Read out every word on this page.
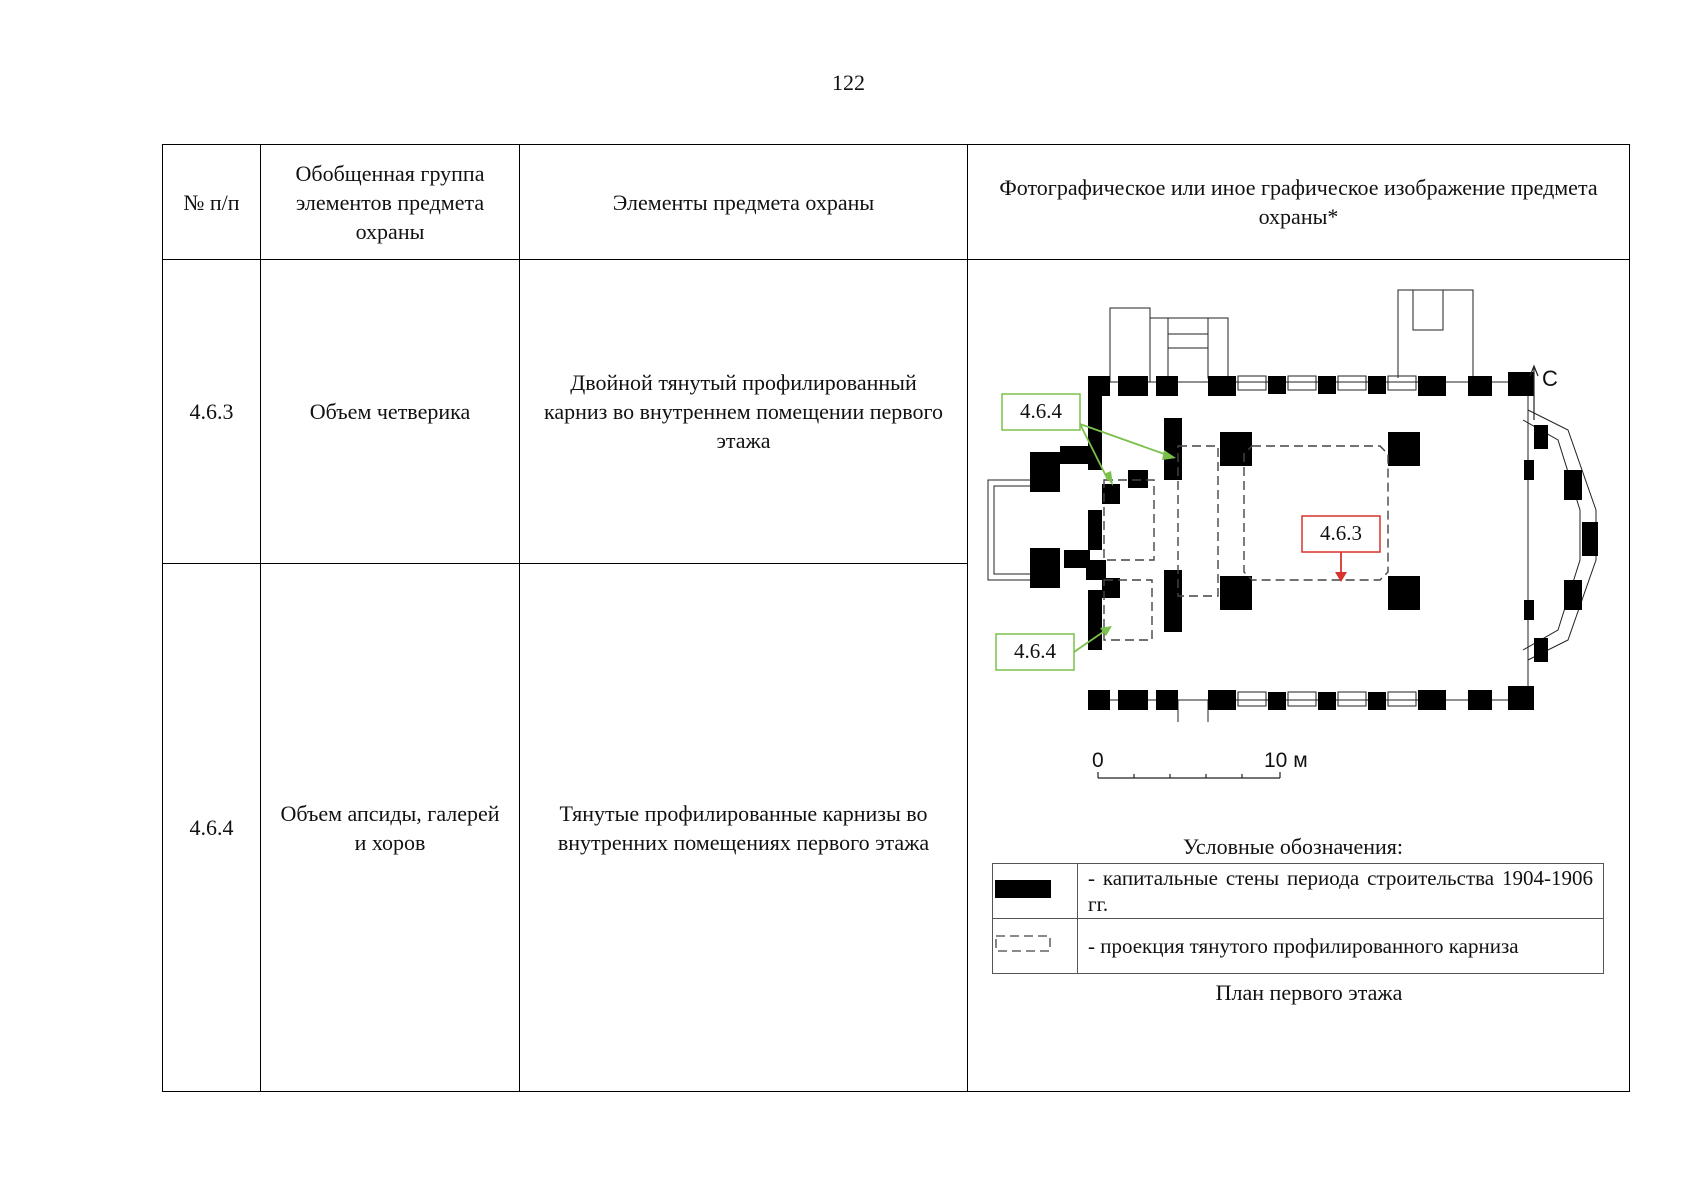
122
№ п/п	Обобщенная группа элементов предмета охраны	Элементы предмета охраны	Фотографическое или иное графическое изображение предмета охраны*
4.6.3	Объем четверика	Двойной тянутый профилированный карниз во внутреннем помещении первого этажа	
4.6.4
4.6.4
4.6.3
С
0	10 м
Условные обозначения:
	- капитальные стены периода строительства 1904-1906 гг.
	- проекция тянутого профилированного карниза
План первого этажа

4.6.4	Объем апсиды, галерей и хоров	Тянутые профилированные карнизы во внутренних помещениях первого этажа
